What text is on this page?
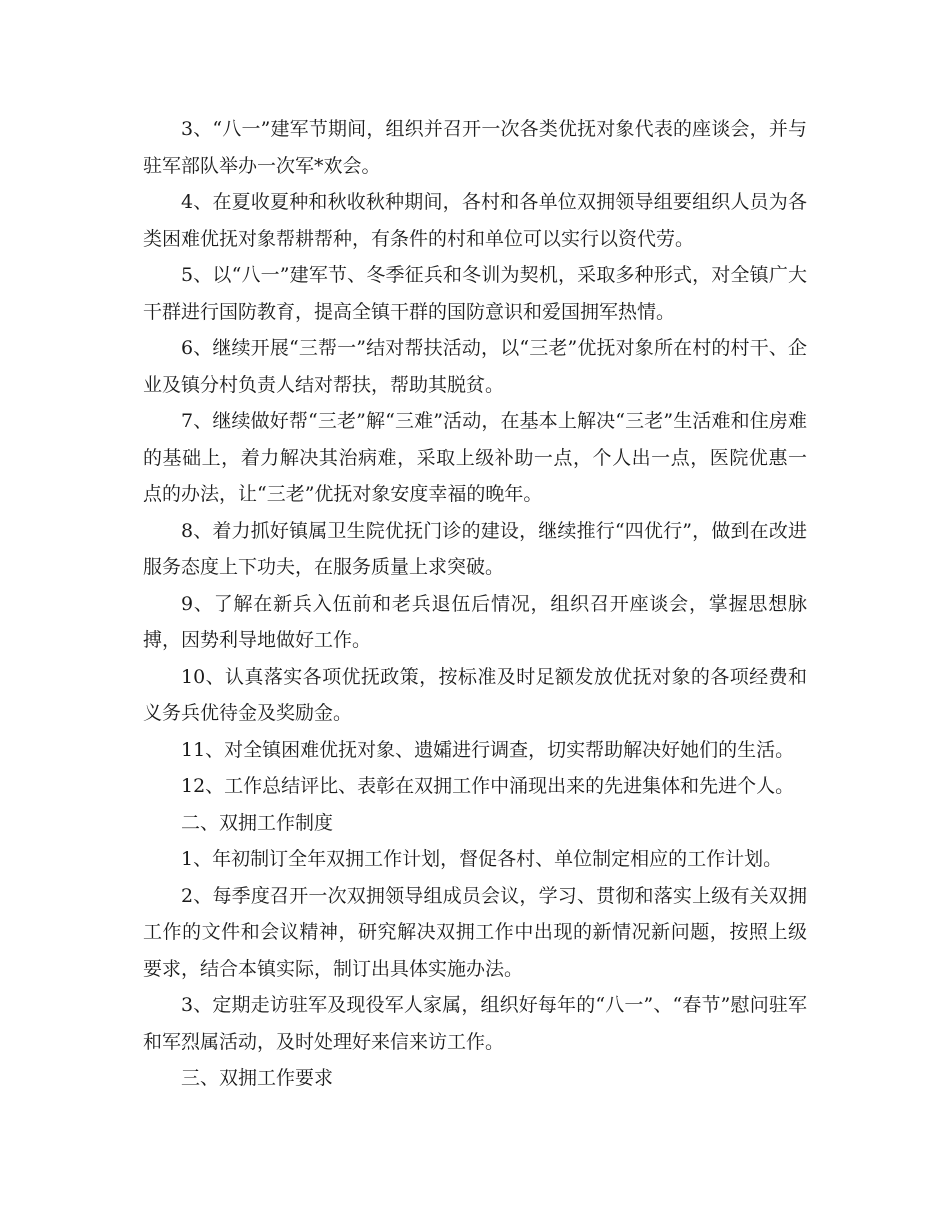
3、“八一”建军节期间，组织并召开一次各类优抚对象代表的座谈会，并与驻军部队举办一次军*欢会。

4、在夏收夏种和秋收秋种期间，各村和各单位双拥领导组要组织人员为各类困难优抚对象帮耕帮种，有条件的村和单位可以实行以资代劳。

5、以“八一”建军节、冬季征兵和冬训为契机，采取多种形式，对全镇广大干群进行国防教育，提高全镇干群的国防意识和爱国拥军热情。

6、继续开展“三帮一”结对帮扶活动，以“三老”优抚对象所在村的村干、企业及镇分村负责人结对帮扶，帮助其脱贫。

7、继续做好帮“三老”解“三难”活动，在基本上解决“三老”生活难和住房难的基础上，着力解决其治病难，采取上级补助一点，个人出一点，医院优惠一点的办法，让“三老”优抚对象安度幸福的晚年。

8、着力抓好镇属卫生院优抚门诊的建设，继续推行“四优行”，做到在改进服务态度上下功夫，在服务质量上求突破。

9、了解在新兵入伍前和老兵退伍后情况，组织召开座谈会，掌握思想脉搏，因势利导地做好工作。

10、认真落实各项优抚政策，按标准及时足额发放优抚对象的各项经费和义务兵优待金及奖励金。

11、对全镇困难优抚对象、遗孀进行调查，切实帮助解决好她们的生活。

12、工作总结评比、表彰在双拥工作中涌现出来的先进集体和先进个人。

二、双拥工作制度

1、年初制订全年双拥工作计划，督促各村、单位制定相应的工作计划。

2、每季度召开一次双拥领导组成员会议，学习、贯彻和落实上级有关双拥工作的文件和会议精神，研究解决双拥工作中出现的新情况新问题，按照上级要求，结合本镇实际，制订出具体实施办法。

3、定期走访驻军及现役军人家属，组织好每年的“八一”、“春节”慰问驻军和军烈属活动，及时处理好来信来访工作。

三、双拥工作要求
